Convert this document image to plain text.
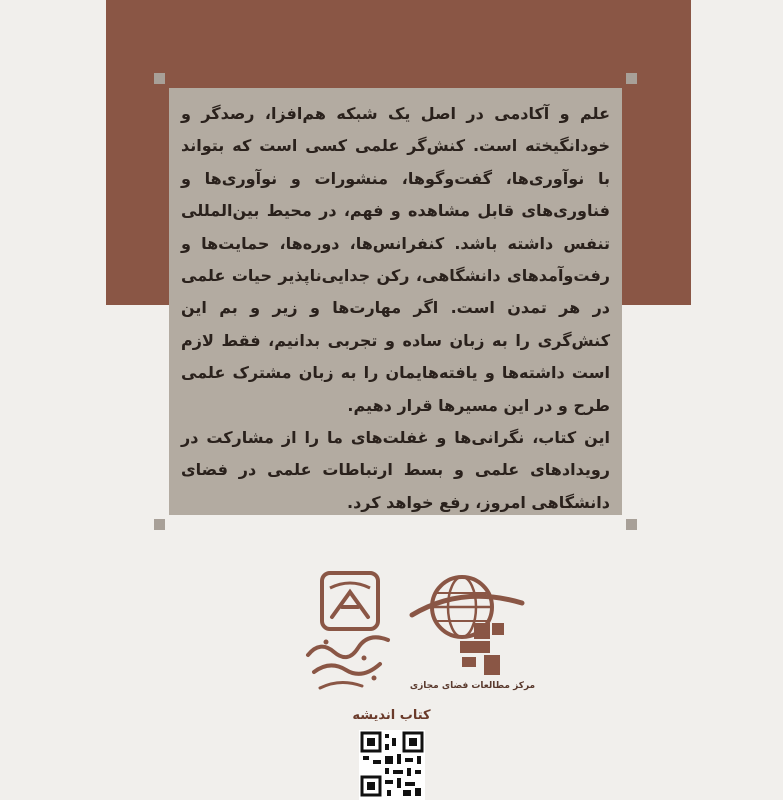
علم و آکادمی در اصل یک شبکه هم‌افزا، رصدگر و خودانگیخته است. کنش‌گر علمی کسی است که بتواند با نوآوری‌ها، گفت‌وگوها، منشورات و نوآوری‌ها و فناوری‌های قابل مشاهده و فهم، در محیط بین‌المللی تنفس داشته باشد. کنفرانس‌ها، دوره‌ها، حمایت‌ها و رفت‌وآمدهای دانشگاهی، رکن جدایی‌ناپذیر حیات علمی در هر تمدن است. اگر مهارت‌ها و زیر و بم این کنش‌گری را به زبان ساده و تجربی بدانیم، فقط لازم است داشته‌ها و یافته‌هایمان را به زبان مشترک علمی طرح و در این مسیرها قرار دهیم.
این کتاب، نگرانی‌ها و غفلت‌های ما را از مشارکت در رویدادهای علمی و بسط ارتباطات علمی در فضای دانشگاهی امروز، رفع خواهد کرد.

مرکز مطالعات فضای مجازی
کتاب اندیشه
